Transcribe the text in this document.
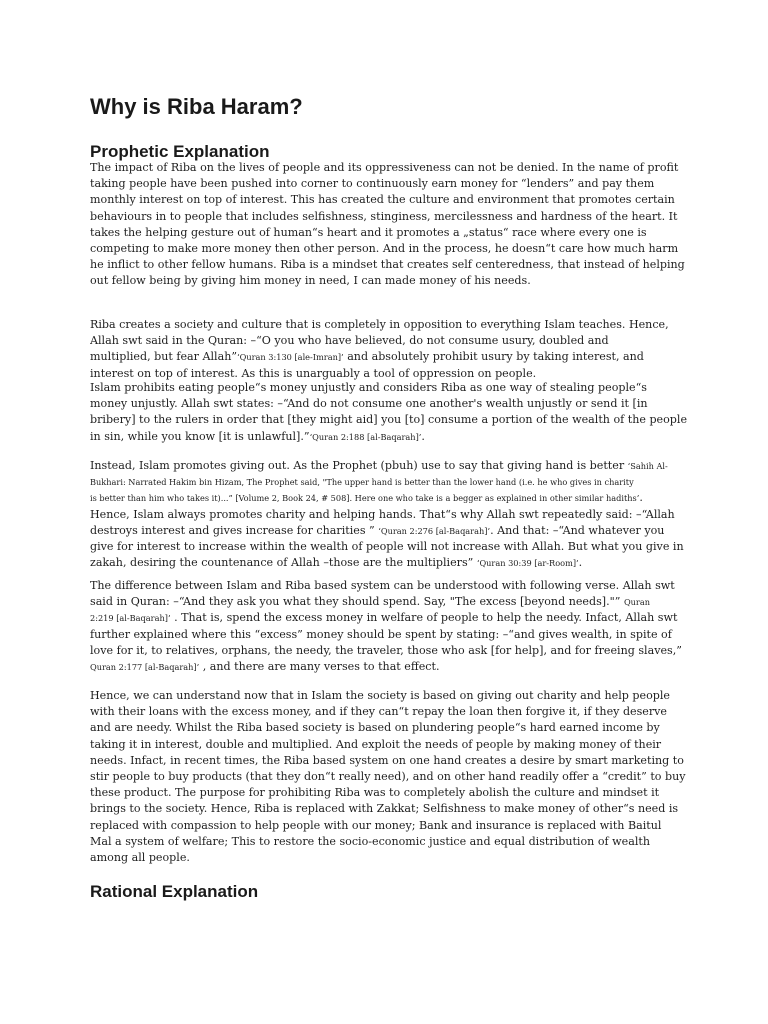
Why is Riba Haram?
Prophetic Explanation

The impact of Riba on the lives of people and its oppressiveness can not be denied. In the name of profit
taking people have been pushed into corner to continuously earn money for “lenders” and pay them
monthly interest on top of interest. This has created the culture and environment that promotes certain
behaviours in to people that includes selfishness, stinginess, mercilessness and hardness of the heart. It
takes the helping gesture out of human“s heart and it promotes a „status“ race where every one is
competing to make more money then other person. And in the process, he doesn“t care how much harm
he inflict to other fellow humans. Riba is a mindset that creates self centeredness, that instead of helping
out fellow being by giving him money in need, I can made money of his needs.

Riba creates a society and culture that is completely in opposition to everything Islam teaches. Hence,
Allah swt said in the Quran: –“O you who have believed, do not consume usury, doubled and
multiplied, but fear Allah”‘Quran 3:130 [ale-Imran]’ and absolutely prohibit usury by taking interest, and
interest on top of interest. As this is unarguably a tool of oppression on people.

Islam prohibits eating people“s money unjustly and considers Riba as one way of stealing people“s
money unjustly. Allah swt states: –“And do not consume one another's wealth unjustly or send it [in
bribery] to the rulers in order that [they might aid] you [to] consume a portion of the wealth of the people
in sin, while you know [it is unlawful].”‘Quran 2:188 [al-Baqarah]’.

Instead, Islam promotes giving out. As the Prophet (pbuh) use to say that giving hand is better ‘Sahih Al-
Bukhari: Narrated Hakim bin Hizam, The Prophet said, "The upper hand is better than the lower hand (i.e. he who gives in charity
is better than him who takes it)...” [Volume 2, Book 24, # 508]. Here one who take is a begger as explained in other similar hadiths’.
Hence, Islam always promotes charity and helping hands. That“s why Allah swt repeatedly said: –“Allah
destroys interest and gives increase for charities ” ‘Quran 2:276 [al-Baqarah]’. And that: –“And whatever you
give for interest to increase within the wealth of people will not increase with Allah. But what you give in
zakah, desiring the countenance of Allah –those are the multipliers” ‘Quran 30:39 [ar-Room]’.

The difference between Islam and Riba based system can be understood with following verse. Allah swt
said in Quran: –“And they ask you what they should spend. Say, "The excess [beyond needs]."” Quran
2:219 [al-Baqarah]’ . That is, spend the excess money in welfare of people to help the needy. Infact, Allah swt
further explained where this “excess” money should be spent by stating: –“and gives wealth, in spite of
love for it, to relatives, orphans, the needy, the traveler, those who ask [for help], and for freeing slaves,”
Quran 2:177 [al-Baqarah]’ , and there are many verses to that effect.

Hence, we can understand now that in Islam the society is based on giving out charity and help people
with their loans with the excess money, and if they can“t repay the loan then forgive it, if they deserve
and are needy. Whilst the Riba based society is based on plundering people“s hard earned income by
taking it in interest, double and multiplied. And exploit the needs of people by making money of their
needs. Infact, in recent times, the Riba based system on one hand creates a desire by smart marketing to
stir people to buy products (that they don“t really need), and on other hand readily offer a “credit” to buy
these product. The purpose for prohibiting Riba was to completely abolish the culture and mindset it
brings to the society. Hence, Riba is replaced with Zakkat; Selfishness to make money of other“s need is
replaced with compassion to help people with our money; Bank and insurance is replaced with Baitul
Mal a system of welfare; This to restore the socio-economic justice and equal distribution of wealth
among all people.

Rational Explanation
